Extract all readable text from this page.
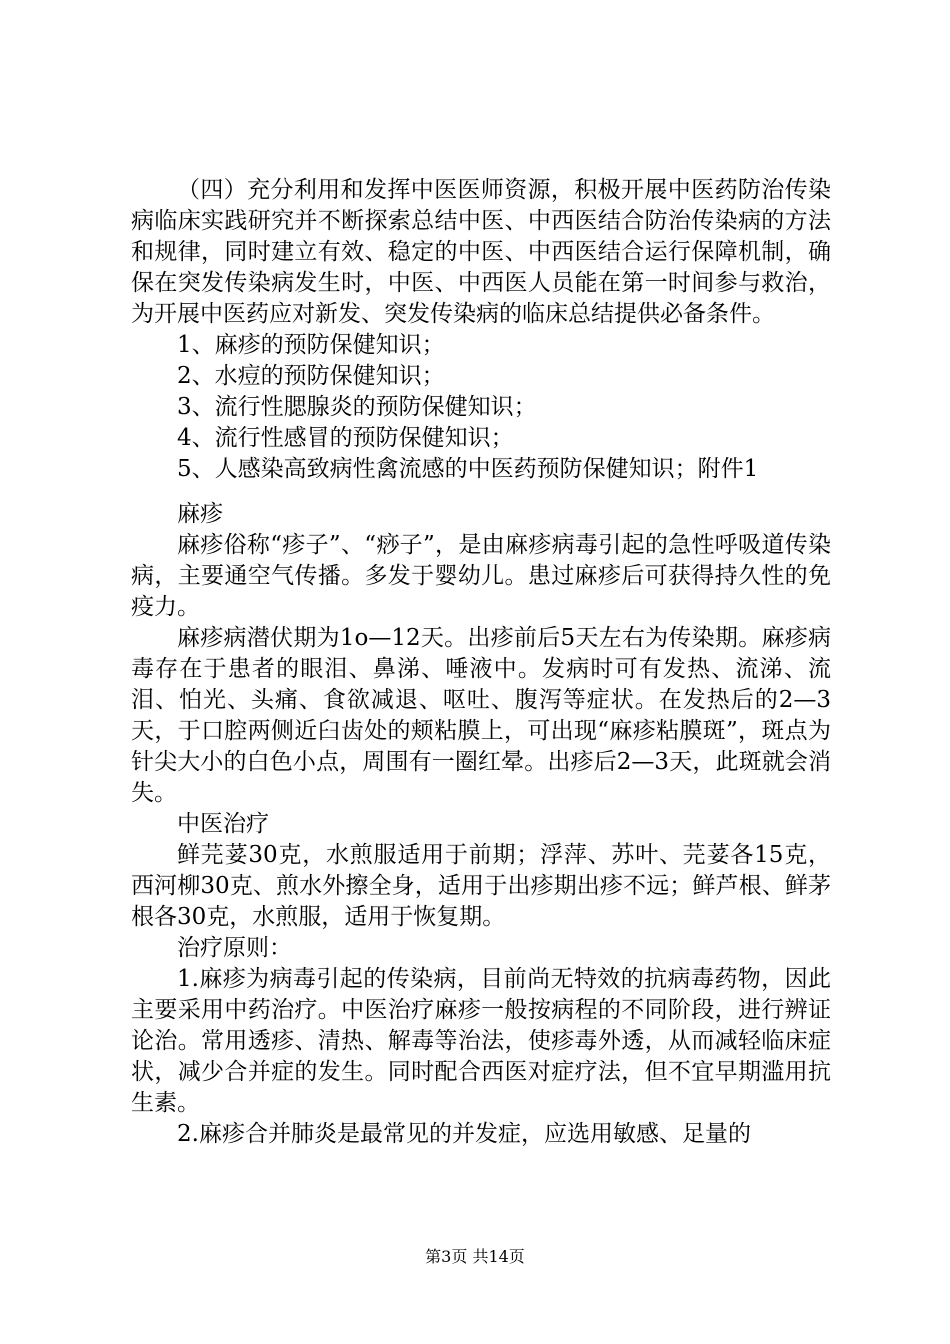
（四）充分利用和发挥中医医师资源，积极开展中医药防治传染病临床实践研究并不断探索总结中医、中西医结合防治传染病的方法和规律，同时建立有效、稳定的中医、中西医结合运行保障机制，确保在突发传染病发生时，中医、中西医人员能在第一时间参与救治，为开展中医药应对新发、突发传染病的临床总结提供必备条件。

1、麻疹的预防保健知识；

2、水痘的预防保健知识；

3、流行性腮腺炎的预防保健知识；

4、流行性感冒的预防保健知识；

5、人感染高致病性禽流感的中医药预防保健知识；附件1

麻疹

麻疹俗称“疹子”、“痧子”，是由麻疹病毒引起的急性呼吸道传染病，主要通空气传播。多发于婴幼儿。患过麻疹后可获得持久性的免疫力。

麻疹病潜伏期为1o—12天。出疹前后5天左右为传染期。麻疹病毒存在于患者的眼泪、鼻涕、唾液中。发病时可有发热、流涕、流泪、怕光、头痛、食欲减退、呕吐、腹泻等症状。在发热后的2—3天，于口腔两侧近臼齿处的颊粘膜上，可出现“麻疹粘膜斑”，斑点为针尖大小的白色小点，周围有一圈红晕。出疹后2—3天，此斑就会消失。

中医治疗

鲜芫荽30克，水煎服适用于前期；浮萍、苏叶、芫荽各15克，西河柳30克、煎水外擦全身，适用于出疹期出疹不远；鲜芦根、鲜茅根各30克，水煎服，适用于恢复期。

治疗原则：

1.麻疹为病毒引起的传染病，目前尚无特效的抗病毒药物，因此主要采用中药治疗。中医治疗麻疹一般按病程的不同阶段，进行辨证论治。常用透疹、清热、解毒等治法，使疹毒外透，从而减轻临床症状，减少合并症的发生。同时配合西医对症疗法，但不宜早期滥用抗生素。

2.麻疹合并肺炎是最常见的并发症，应选用敏感、足量的

第3页 共14页
